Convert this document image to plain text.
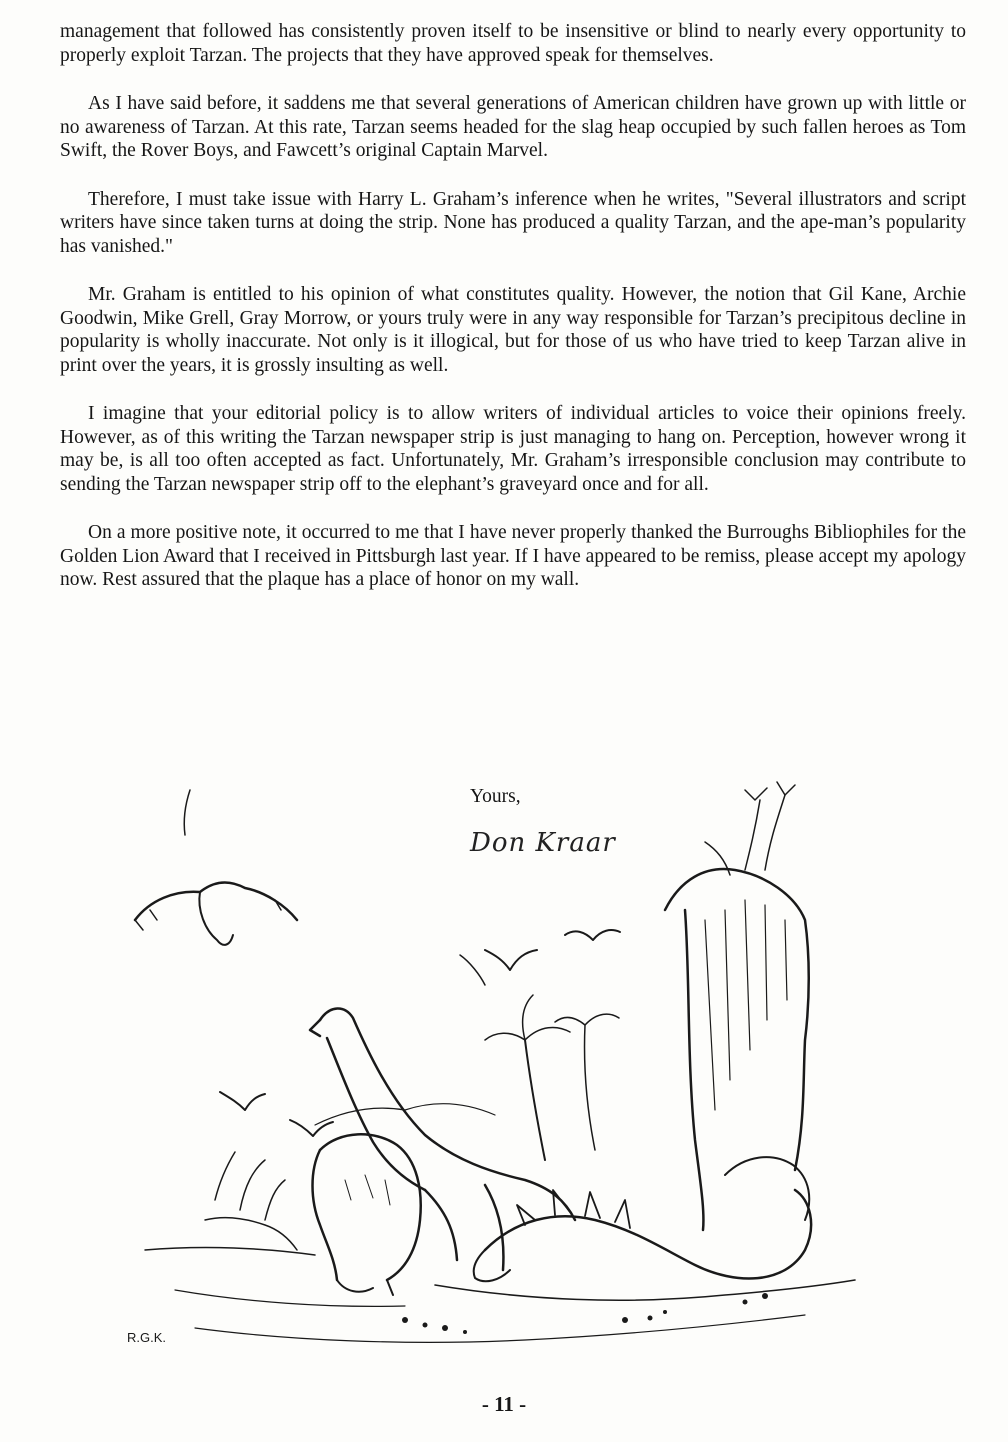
management that followed has consistently proven itself to be insensitive or blind to nearly every opportunity to properly exploit Tarzan. The projects that they have approved speak for themselves.

As I have said before, it saddens me that several generations of American children have grown up with little or no awareness of Tarzan. At this rate, Tarzan seems headed for the slag heap occupied by such fallen heroes as Tom Swift, the Rover Boys, and Fawcett’s original Captain Marvel.

Therefore, I must take issue with Harry L. Graham’s inference when he writes, "Several illustrators and script writers have since taken turns at doing the strip. None has produced a quality Tarzan, and the ape-man’s popularity has vanished."

Mr. Graham is entitled to his opinion of what constitutes quality. However, the notion that Gil Kane, Archie Goodwin, Mike Grell, Gray Morrow, or yours truly were in any way responsible for Tarzan’s precipitous decline in popularity is wholly inaccurate. Not only is it illogical, but for those of us who have tried to keep Tarzan alive in print over the years, it is grossly insulting as well.

I imagine that your editorial policy is to allow writers of individual articles to voice their opinions freely. However, as of this writing the Tarzan newspaper strip is just managing to hang on. Perception, however wrong it may be, is all too often accepted as fact. Unfortunately, Mr. Graham’s irresponsible conclusion may contribute to sending the Tarzan newspaper strip off to the elephant’s graveyard once and for all.

On a more positive note, it occurred to me that I have never properly thanked the Burroughs Bibliophiles for the Golden Lion Award that I received in Pittsburgh last year. If I have appeared to be remiss, please accept my apology now. Rest assured that the plaque has a place of honor on my wall.

R.G.K.
Yours,
Don Kraar
- 11 -
